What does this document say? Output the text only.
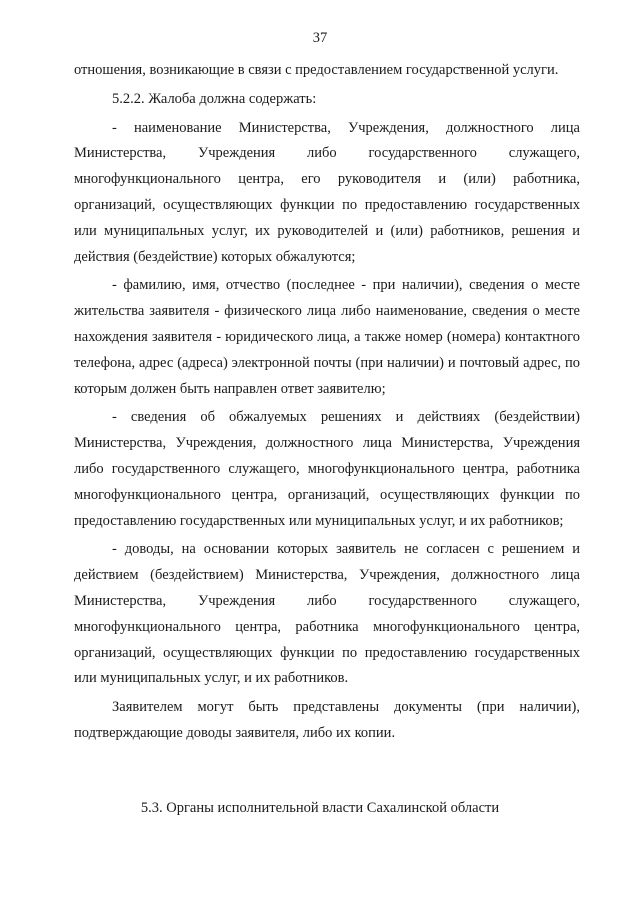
37

отношения, возникающие в связи с предоставлением государственной услуги.

5.2.2. Жалоба должна содержать:

- наименование Министерства, Учреждения, должностного лица Министерства, Учреждения либо государственного служащего, многофункционального центра, его руководителя и (или) работника, организаций, осуществляющих функции по предоставлению государственных или муниципальных услуг, их руководителей и (или) работников, решения и действия (бездействие) которых обжалуются;

- фамилию, имя, отчество (последнее - при наличии), сведения о месте жительства заявителя - физического лица либо наименование, сведения о месте нахождения заявителя - юридического лица, а также номер (номера) контактного телефона, адрес (адреса) электронной почты (при наличии) и почтовый адрес, по которым должен быть направлен ответ заявителю;

- сведения об обжалуемых решениях и действиях (бездействии) Министерства, Учреждения, должностного лица Министерства, Учреждения либо государственного служащего, многофункционального центра, работника многофункционального центра, организаций, осуществляющих функции по предоставлению государственных или муниципальных услуг, и их работников;

- доводы, на основании которых заявитель не согласен с решением и действием (бездействием) Министерства, Учреждения, должностного лица Министерства, Учреждения либо государственного служащего, многофункционального центра, работника многофункционального центра, организаций, осуществляющих функции по предоставлению государственных или муниципальных услуг, и их работников.

Заявителем могут быть представлены документы (при наличии), подтверждающие доводы заявителя, либо их копии.

5.3. Органы исполнительной власти Сахалинской области
